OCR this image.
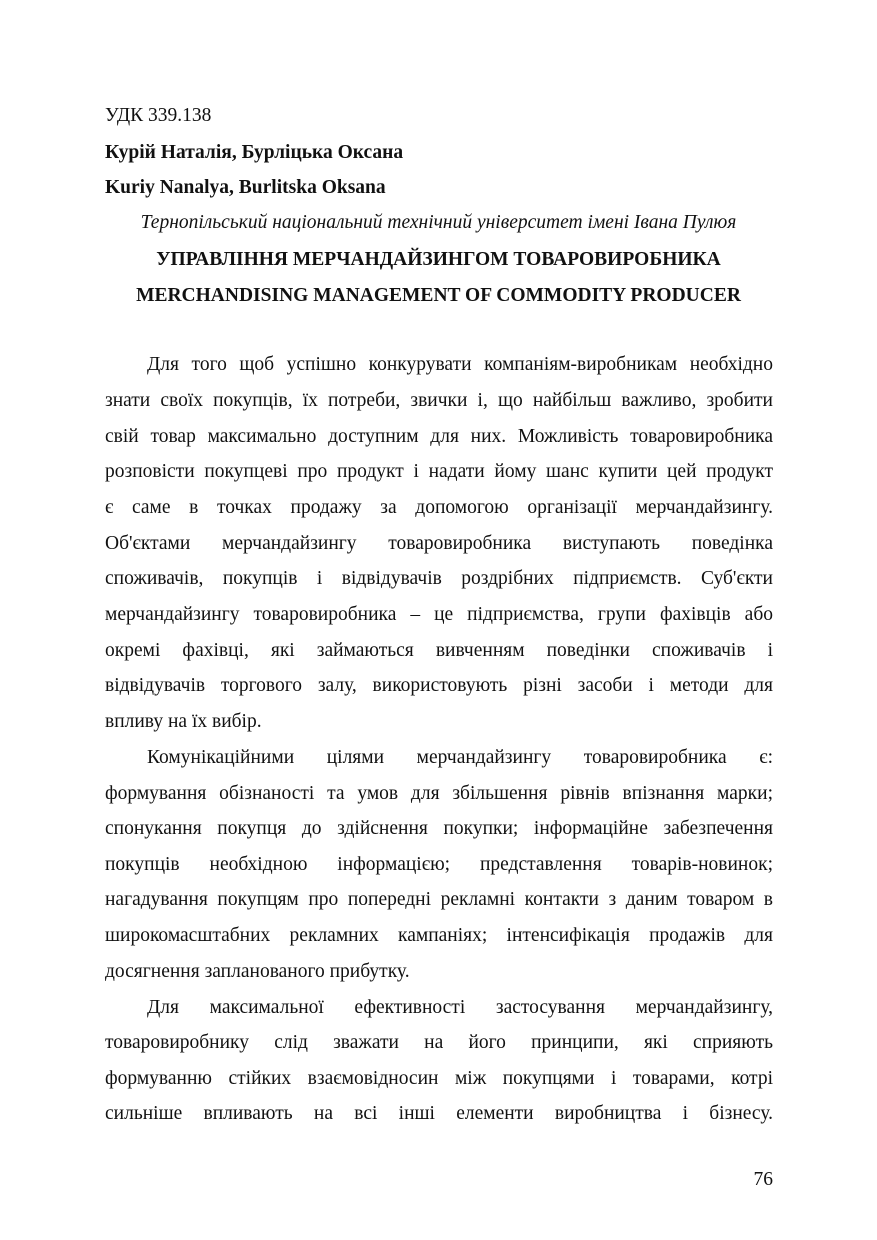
УДК 339.138
Курій Наталія, Бурліцька Оксана
Kuriy Nanalya, Burlitska Oksana
Тернопільський національний технічний університет імені Івана Пулюя
УПРАВЛІННЯ МЕРЧАНДАЙЗИНГОМ ТОВАРОВИРОБНИКА
MERCHANDISING MANAGEMENT OF COMMODITY PRODUCER
Для того щоб успішно конкурувати компаніям-виробникам необхідно
знати своїх покупців, їх потреби, звички і, що найбільш важливо, зробити
свій товар максимально доступним для них. Можливість товаровиробника
розповісти покупцеві про продукт і надати йому шанс купити цей продукт
є саме в точках продажу за допомогою організації мерчандайзингу.
Об'єктами мерчандайзингу товаровиробника виступають поведінка
споживачів, покупців і відвідувачів роздрібних підприємств. Суб'єкти
мерчандайзингу товаровиробника – це підприємства, групи фахівців або
окремі фахівці, які займаються вивченням поведінки споживачів і
відвідувачів торгового залу, використовують різні засоби і методи для
впливу на їх вибір.
Комунікаційними цілями мерчандайзингу товаровиробника є:
формування обізнаності та умов для збільшення рівнів впізнання марки;
спонукання покупця до здійснення покупки; інформаційне забезпечення
покупців необхідною інформацією; представлення товарів-новинок;
нагадування покупцям про попередні рекламні контакти з даним товаром в
широкомасштабних рекламних кампаніях; інтенсифікація продажів для
досягнення запланованого прибутку.
Для максимальної ефективності застосування мерчандайзингу,
товаровиробнику слід зважати на його принципи, які сприяють
формуванню стійких взаємовідносин між покупцями і товарами, котрі
сильніше впливають на всі інші елементи виробництва і бізнесу.
76
